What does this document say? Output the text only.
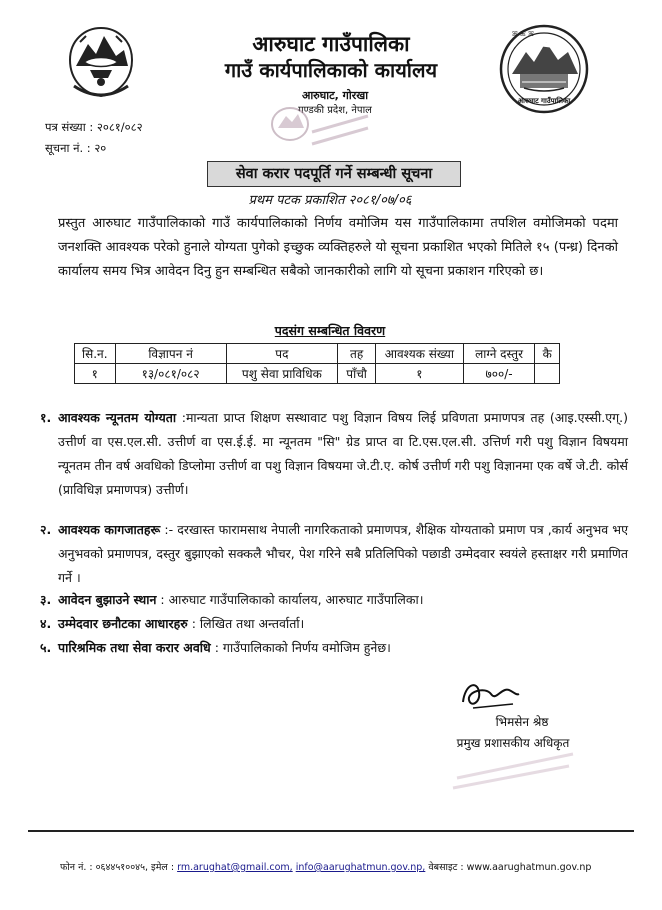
ꕤ ꕤ ꕤ
आरुघाट गाउँपालिका
आरुघाट गाउँपालिका
गाउँ कार्यपालिकाको कार्यालय
आरुघाट, गोरखा
गण्डकी प्रदेश, नेपाल
पत्र संख्या : २०८१/०८२
सूचना नं. : २०
सेवा करार पदपूर्ति गर्ने सम्बन्धी सूचना
प्रथम पटक प्रकाशित २०८१/०७/०६
प्रस्तुत आरुघाट गाउँपालिकाको गाउँ कार्यपालिकाको निर्णय वमोजिम यस गाउँपालिकामा तपशिल वमोजिमको पदमा जनशक्ति आवश्यक परेको हुनाले योग्यता पुगेको इच्छुक व्यक्तिहरुले यो सूचना प्रकाशित भएको मितिले १५ (पन्ध्र) दिनको कार्यालय समय भित्र आवेदन दिनु हुन सम्बन्धित सबैको जानकारीको लागि यो सूचना प्रकाशन गरिएको छ।
पदसंग सम्बन्धित विवरण
सि.न.	विज्ञापन नं	पद	तह	आवश्यक संख्या	लाग्ने दस्तुर	कै
१	१३/०८१/०८२	पशु सेवा प्राविधिक	पाँचौ	१	७००/-	
१. आवश्यक न्यूनतम योग्यता :मान्यता प्राप्त शिक्षण सस्थावाट पशु विज्ञान विषय लिई प्रविणता प्रमाणपत्र तह (आइ.एस्सी.एग्.) उत्तीर्ण वा एस.एल.सी. उत्तीर्ण वा एस.ई.ई. मा न्यूनतम "सि" ग्रेड प्राप्त वा टि.एस.एल.सी. उत्तिर्ण गरी पशु विज्ञान विषयमा न्यूनतम तीन वर्ष अवधिको डिप्लोमा उत्तीर्ण वा पशु विज्ञान विषयमा जे.टी.ए. कोर्ष उत्तीर्ण गरी पशु विज्ञानमा एक वर्षे जे.टी. कोर्स (प्राविधिज्ञ प्रमाणपत्र) उत्तीर्ण।
२. आवश्यक कागजातहरू :- दरखास्त फारामसाथ नेपाली नागरिकताको प्रमाणपत्र, शैक्षिक योग्यताको प्रमाण पत्र ,कार्य अनुभव भए अनुभवको प्रमाणपत्र, दस्तुर बुझाएको सक्कलै भौचर, पेश गरिने सबै प्रतिलिपिको पछाडी उम्मेदवार स्वयंले हस्ताक्षर गरी प्रमाणित गर्ने ।
३. आवेदन बुझाउने स्थान : आरुघाट गाउँपालिकाको कार्यालय, आरुघाट गाउँपालिका।
४. उम्मेदवार छनौटका आधारहरु : लिखित तथा अन्तर्वार्ता।
५. पारिश्रमिक तथा सेवा करार अवधि : गाउँपालिकाको निर्णय वमोजिम हुनेछ।
भिमसेन श्रेष्ठ
प्रमुख प्रशासकीय अधिकृत
फोन नं. : ०६४४५१००४५, इमेल : rm.arughat@gmail.com, info@aarughatmun.gov.np, वेबसाइट : www.aarughatmun.gov.np
